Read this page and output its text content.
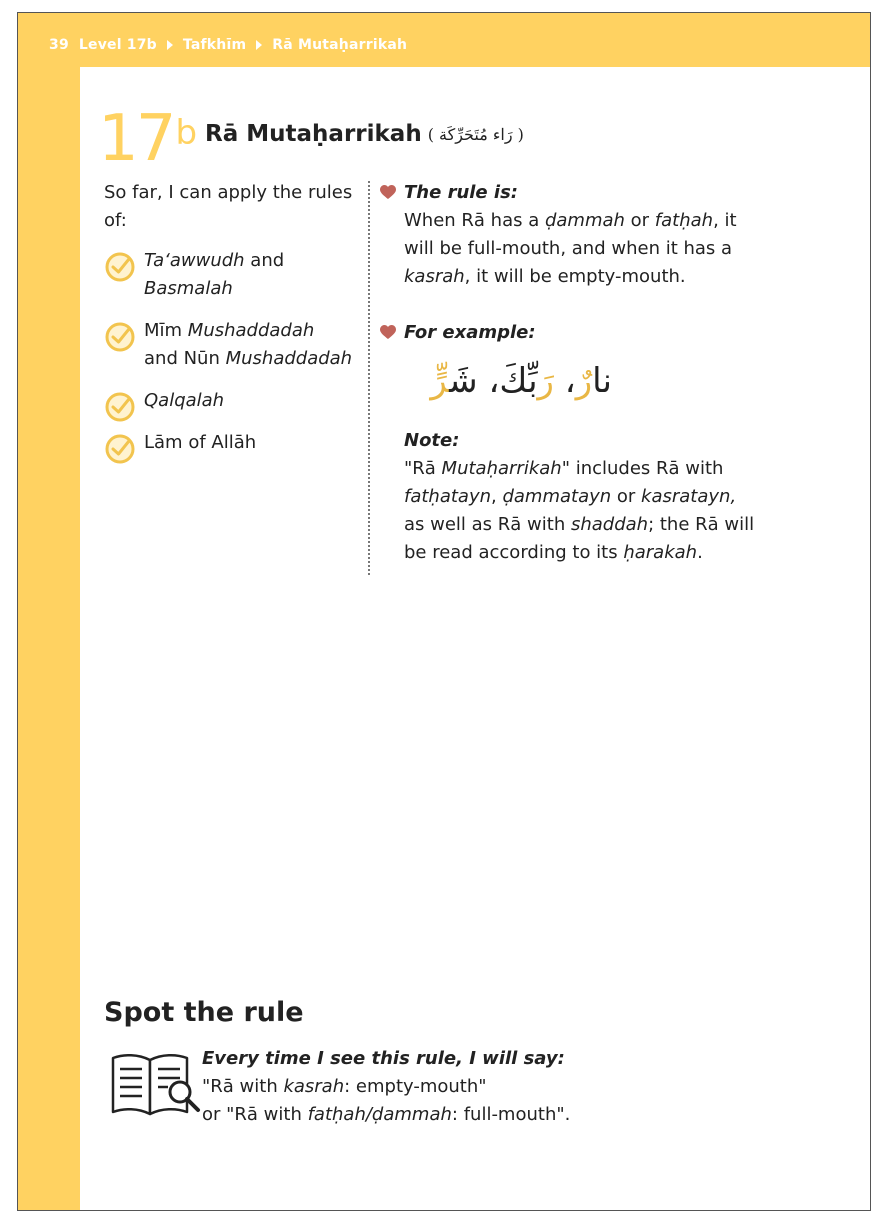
39 Level 17b Tafkhīm Rā Mutaḥarrikah
17b Rā Mutaḥarrikah ( رَاء مُتَحَرِّكَة )

So far, I can apply the rules of:

Ta‘awwudh and
Basmalah
Mīm Mushaddadah
and Nūn Mushaddadah
Qalqalah
Lām of Allāh
The rule is:
When Rā has a ḍammah or fatḥah, it will be full-mouth, and when it has a kasrah, it will be empty-mouth.
For example:
نارٌ، رَبِّكَ، شَرٍّ
Note:
"Rā Mutaḥarrikah" includes Rā with fatḥatayn, ḍammatayn or kasratayn, as well as Rā with shaddah; the Rā will be read according to its ḥarakah.
Spot the rule
Every time I see this rule, I will say:
"Rā with kasrah: empty-mouth"
or "Rā with fatḥah/ḍammah: full-mouth".
